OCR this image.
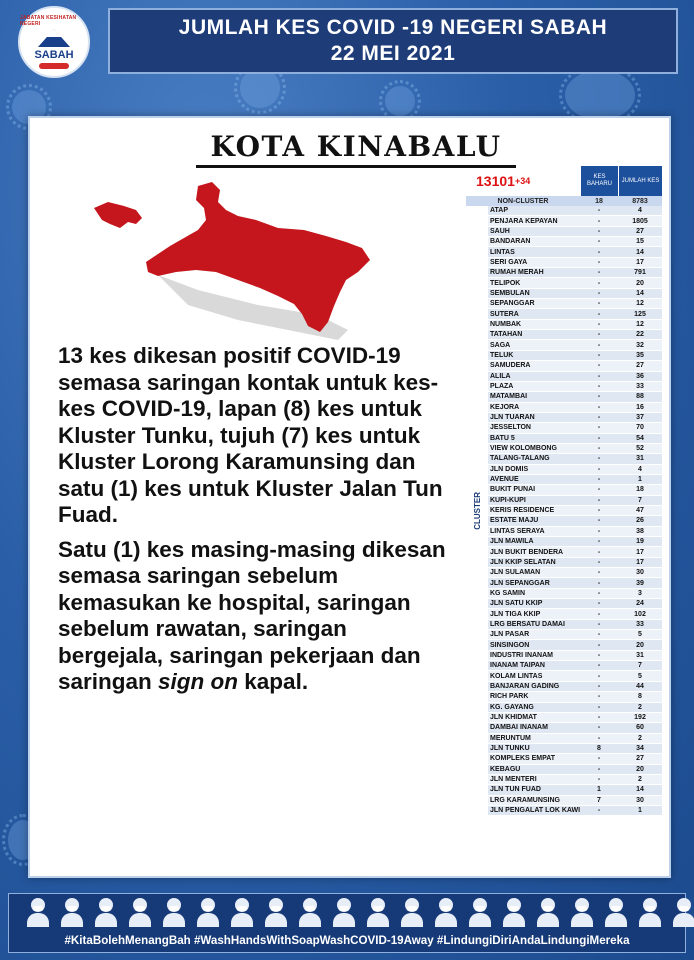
JABATAN KESIHATAN NEGERI
SABAH
JUMLAH KES COVID -19 NEGERI SABAH
22 MEI 2021
KOTA KINABALU

13 kes dikesan positif COVID-19 semasa saringan kontak untuk kes-kes COVID-19, lapan (8) kes untuk Kluster Tunku, tujuh (7) kes untuk Kluster Lorong Karamunsing dan satu (1) kes untuk Kluster Jalan Tun Fuad.

Satu (1) kes masing-masing dikesan semasa saringan sebelum kemasukan ke hospital, saringan sebelum rawatan, saringan bergejala, saringan pekerjaan dan saringan sign on kapal.

13101 +34	KES BAHARU
JUMLAH KES
NON-CLUSTER	18	8783
CLUSTER
ATAP	-	4
PENJARA KEPAYAN	-	1805
SAUH	-	27
BANDARAN	-	15
LINTAS	-	14
SERI GAYA	-	17
RUMAH MERAH	-	791
TELIPOK	-	20
SEMBULAN	-	14
SEPANGGAR	-	12
SUTERA	-	125
NUMBAK	-	12
TATAHAN	-	22
SAGA	-	32
TELUK	-	35
SAMUDERA	-	27
ALILA	-	36
PLAZA	-	33
MATAMBAI	-	88
KEJORA	-	16
JLN TUARAN	-	37
JESSELTON	-	70
BATU 5	-	54
VIEW KOLOMBONG	-	52
TALANG-TALANG	-	31
JLN DOMIS	-	4
AVENUE	-	1
BUKIT PUNAI	-	18
KUPI-KUPI	-	7
KERIS RESIDENCE	-	47
ESTATE MAJU	-	26
LINTAS SERAYA	-	38
JLN MAWILA	-	19
JLN BUKIT BENDERA	-	17
JLN KKIP SELATAN	-	17
JLN SULAMAN	-	30
JLN SEPANGGAR	-	39
KG SAMIN	-	3
JLN SATU KKIP	-	24
JLN TIGA KKIP	-	102
LRG BERSATU DAMAI	-	33
JLN PASAR	-	5
SINSINGON	-	20
INDUSTRI INANAM	-	31
INANAM TAIPAN	-	7
KOLAM LINTAS	-	5
BANJARAN GADING	-	44
RICH PARK	-	8
KG. GAYANG	-	2
JLN KHIDMAT	-	192
DAMBAI INANAM	-	60
MERUNTUM	-	2
JLN TUNKU	8	34
KOMPLEKS EMPAT	-	27
KEBAGU	-	20
JLN MENTERI	-	2
JLN TUN FUAD	1	14
LRG KARAMUNSING	7	30
JLN PENGALAT LOK KAWI	-	1
#KitaBolehMenangBah #WashHandsWithSoapWashCOVID-19Away #LindungiDiriAndaLindungiMereka
